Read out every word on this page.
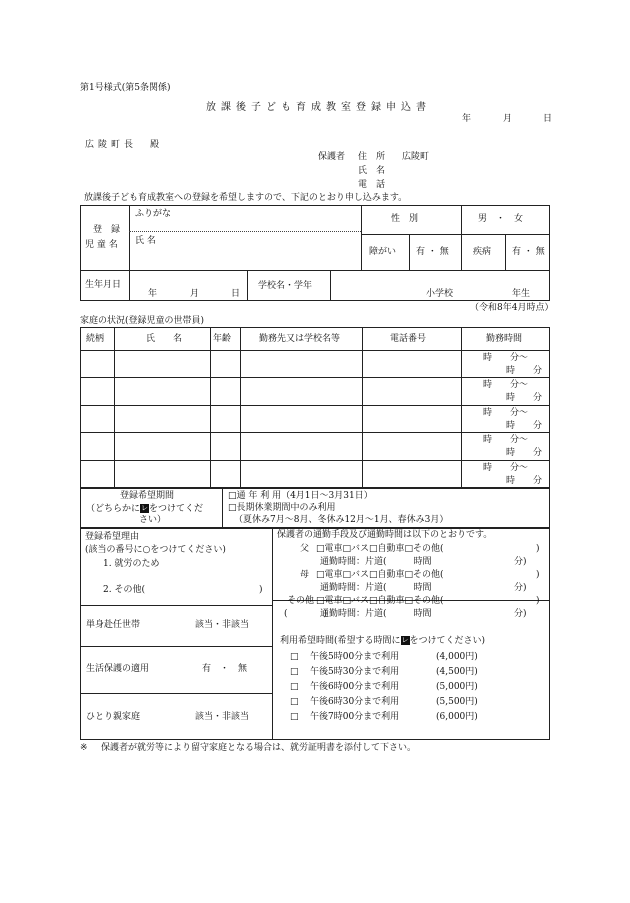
第1号様式(第5条関係)
放課後子ども育成教室登録申込書
年	月	日
広陵町長　殿
保護者 住　所 広陵町
氏　名
電　話
放課後子ども育成教室への登録を希望しますので、下記のとおり申し込みます。
登　録
児 童 名
ふりがな
氏 名
性　別	男　・　女
障がい 有 ・ 無	疾病 有 ・ 無
生年月日
年	月	日
学校名・学年
小学校	年生
（令和8年4月時点）
家庭の状況(登録児童の世帯員)
続柄	氏　　名	年齢	勤務先又は学校名等	電話番号	勤務時間
時　　分～
時　　分
時　　分～
時　　分
時　　分～
時　　分
時　　分～
時　　分
時　　分～
時　　分
登録希望期間
（どちらかにレをつけてくだ
さい）
□通 年 利 用（4月1日～3月31日）
□長期休業期間中のみ利用
（夏休み7月～8月、冬休み12月～1月、春休み3月）
登録希望理由
(該当の番号に○をつけてください)
1. 就労のため
2. その他(	)
単身赴任世帯	該当・非該当
生活保護の適用	有　・　無
ひとり親家庭	該当・非該当
保護者の通勤手段及び通勤時間は以下のとおりです。
父 □電車□バス□自動車□その他(	)
通勤時間：片道(　　　時間	分)
母 □電車□バス□自動車□その他(	)
通勤時間：片道(　　　時間	分)
その他 □電車□バス□自動車□その他(	)
(　　　　)
通勤時間：片道(　　　時間	分)
利用希望時間(希望する時間にレをつけてください)
□ 午後5時00分まで利用	(4,000円)
□ 午後5時30分まで利用	(4,500円)
□ 午後6時00分まで利用	(5,000円)
□ 午後6時30分まで利用	(5,500円)
□ 午後7時00分まで利用	(6,000円)
※ 保護者が就労等により留守家庭となる場合は、就労証明書を添付して下さい。
